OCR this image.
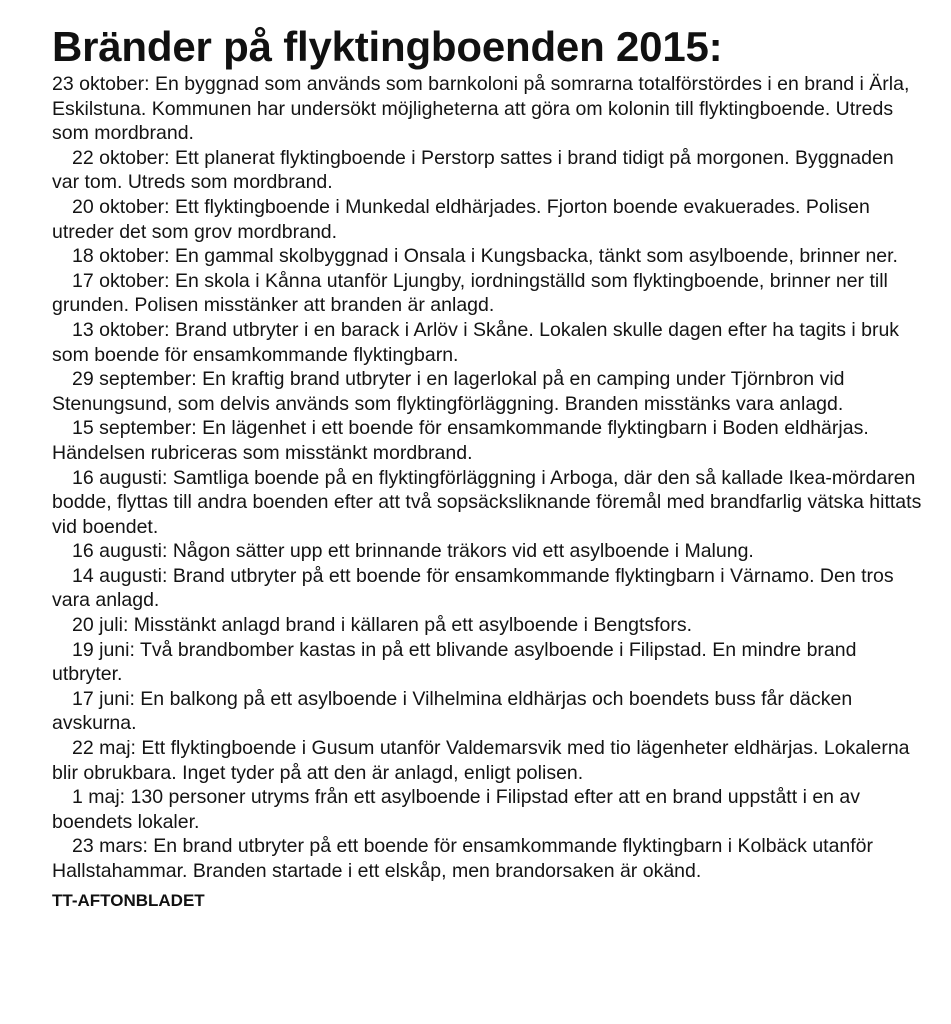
Bränder på flyktingboenden 2015:
23 oktober: En byggnad som används som barnkoloni på somrarna totalförstördes i en brand i Ärla, Eskilstuna. Kommunen har undersökt möjligheterna att göra om kolonin till flyktingboende. Utreds som mordbrand.
22 oktober: Ett planerat flyktingboende i Perstorp sattes i brand tidigt på morgonen. Byggnaden var tom. Utreds som mordbrand.
20 oktober: Ett flyktingboende i Munkedal eldhärjades. Fjorton boende evakuerades. Polisen utreder det som grov mordbrand.
18 oktober: En gammal skolbyggnad i Onsala i Kungsbacka, tänkt som asylboende, brinner ner.
17 oktober: En skola i Kånna utanför Ljungby, iordningställd som flyktingboende, brinner ner till grunden. Polisen misstänker att branden är anlagd.
13 oktober: Brand utbryter i en barack i Arlöv i Skåne. Lokalen skulle dagen efter ha tagits i bruk som boende för ensamkommande flyktingbarn.
29 september: En kraftig brand utbryter i en lagerlokal på en camping under Tjörnbron vid Stenungsund, som delvis används som flyktingförläggning. Branden misstänks vara anlagd.
15 september: En lägenhet i ett boende för ensamkommande flyktingbarn i Boden eldhärjas. Händelsen rubriceras som misstänkt mordbrand.
16 augusti: Samtliga boende på en flyktingförläggning i Arboga, där den så kallade Ikea-mördaren bodde, flyttas till andra boenden efter att två sopsäcksliknande föremål med brandfarlig vätska hittats vid boendet.
16 augusti: Någon sätter upp ett brinnande träkors vid ett asylboende i Malung.
14 augusti: Brand utbryter på ett boende för ensamkommande flyktingbarn i Värnamo. Den tros vara anlagd.
20 juli: Misstänkt anlagd brand i källaren på ett asylboende i Bengtsfors.
19 juni: Två brandbomber kastas in på ett blivande asylboende i Filipstad. En mindre brand utbryter.
17 juni: En balkong på ett asylboende i Vilhelmina eldhärjas och boendets buss får däcken avskurna.
22 maj: Ett flyktingboende i Gusum utanför Valdemarsvik med tio lägenheter eldhärjas. Lokalerna blir obrukbara. Inget tyder på att den är anlagd, enligt polisen.
1 maj: 130 personer utryms från ett asylboende i Filipstad efter att en brand uppstått i en av boendets lokaler.
23 mars: En brand utbryter på ett boende för ensamkommande flyktingbarn i Kolbäck utanför Hallstahammar. Branden startade i ett elskåp, men brandorsaken är okänd.
TT-AFTONBLADET
